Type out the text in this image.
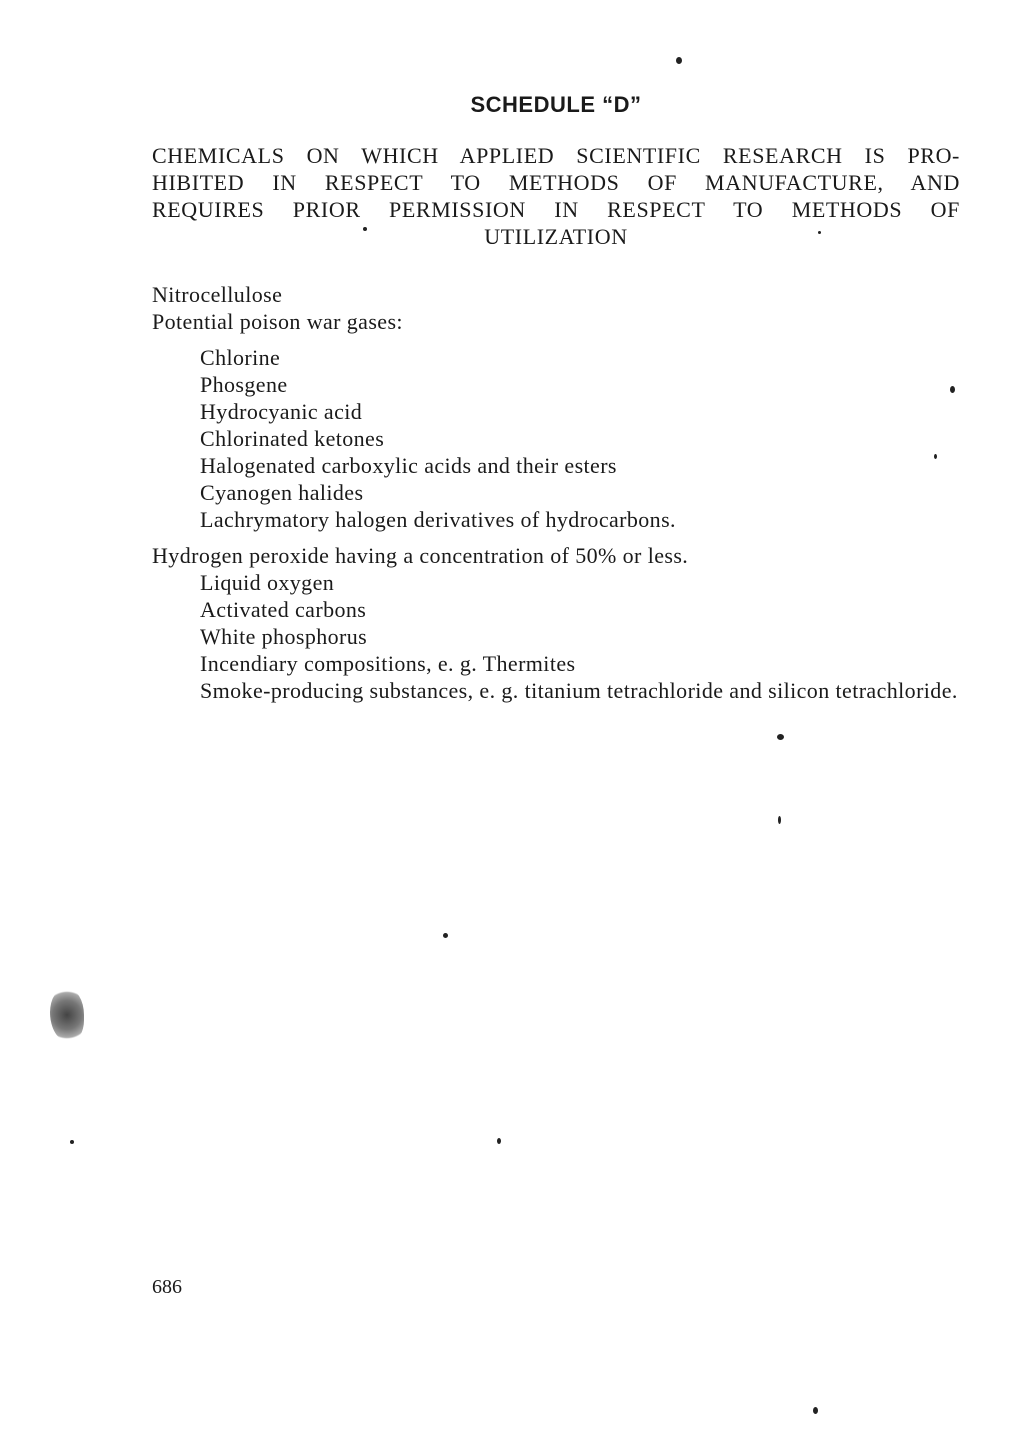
SCHEDULE “D”
CHEMICALS ON WHICH APPLIED SCIENTIFIC RESEARCH IS PRO-
HIBITED IN RESPECT TO METHODS OF MANUFACTURE, AND
REQUIRES PRIOR PERMISSION IN RESPECT TO METHODS OF
UTILIZATION
Nitrocellulose
Potential poison war gases:
Chlorine
Phosgene
Hydrocyanic acid
Chlorinated ketones
Halogenated carboxylic acids and their esters
Cyanogen halides
Lachrymatory halogen derivatives of hydrocarbons.
Hydrogen peroxide having a concentration of 50% or less.
Liquid oxygen
Activated carbons
White phosphorus
Incendiary compositions, e. g. Thermites
Smoke-producing substances, e. g. titanium tetrachloride and silicon tetrachloride.
686
